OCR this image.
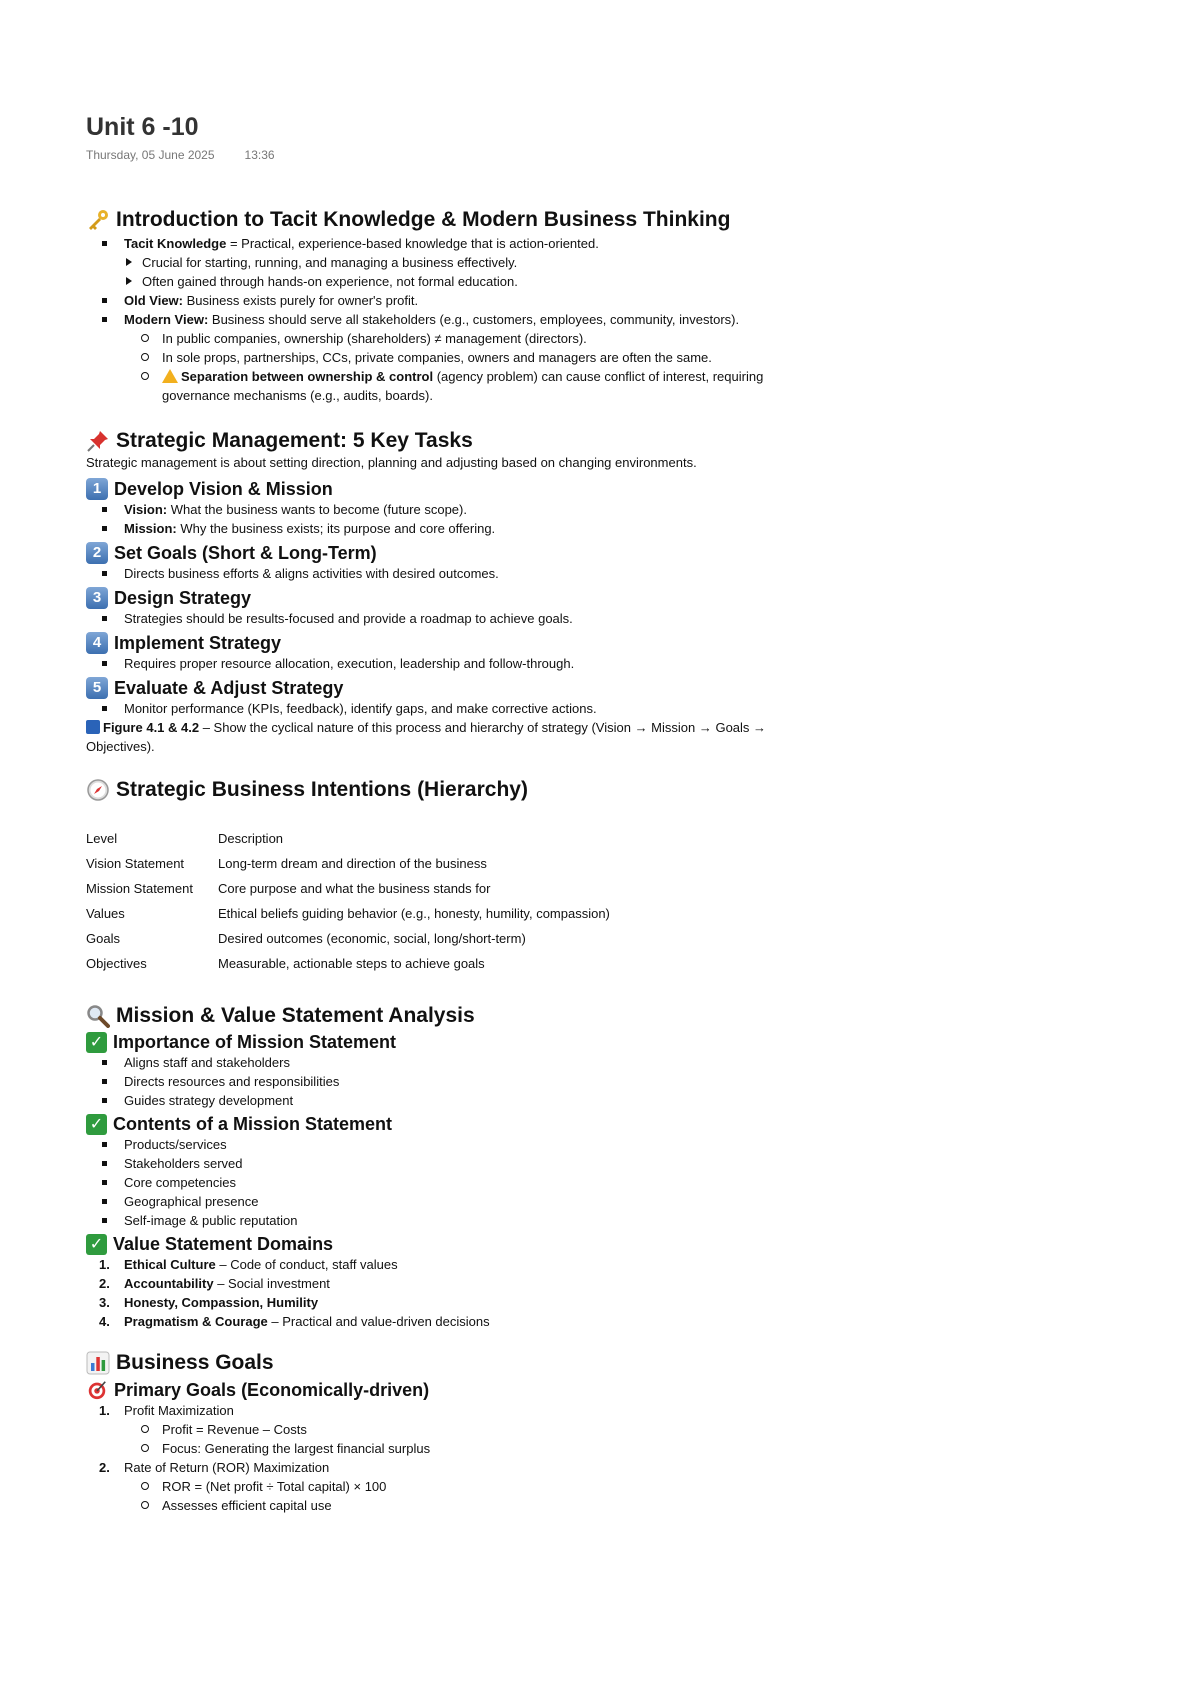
Unit 6 -10
Thursday, 05 June 2025	13:36
Introduction to Tacit Knowledge & Modern Business Thinking
Tacit Knowledge = Practical, experience-based knowledge that is action-oriented.
Crucial for starting, running, and managing a business effectively.
Often gained through hands-on experience, not formal education.
Old View: Business exists purely for owner's profit.
Modern View: Business should serve all stakeholders (e.g., customers, employees, community, investors).
In public companies, ownership (shareholders) ≠ management (directors).
In sole props, partnerships, CCs, private companies, owners and managers are often the same.
Separation between ownership & control (agency problem) can cause conflict of interest, requiring governance mechanisms (e.g., audits, boards).
Strategic Management: 5 Key Tasks
Strategic management is about setting direction, planning and adjusting based on changing environments.
1 Develop Vision & Mission
Vision: What the business wants to become (future scope).
Mission: Why the business exists; its purpose and core offering.
2 Set Goals (Short & Long-Term)
Directs business efforts & aligns activities with desired outcomes.
3 Design Strategy
Strategies should be results-focused and provide a roadmap to achieve goals.
4 Implement Strategy
Requires proper resource allocation, execution, leadership and follow-through.
5 Evaluate & Adjust Strategy
Monitor performance (KPIs, feedback), identify gaps, and make corrective actions.
Figure 4.1 & 4.2 – Show the cyclical nature of this process and hierarchy of strategy (Vision → Mission → Goals → Objectives).
Strategic Business Intentions (Hierarchy)
Level	Description
Vision Statement	Long-term dream and direction of the business
Mission Statement	Core purpose and what the business stands for
Values	Ethical beliefs guiding behavior (e.g., honesty, humility, compassion)
Goals	Desired outcomes (economic, social, long/short-term)
Objectives	Measurable, actionable steps to achieve goals
Mission & Value Statement Analysis
✓ Importance of Mission Statement
Aligns staff and stakeholders
Directs resources and responsibilities
Guides strategy development
✓ Contents of a Mission Statement
Products/services
Stakeholders served
Core competencies
Geographical presence
Self-image & public reputation
✓ Value Statement Domains
1. Ethical Culture – Code of conduct, staff values
2. Accountability – Social investment
3. Honesty, Compassion, Humility
4. Pragmatism & Courage – Practical and value-driven decisions
Business Goals
Primary Goals (Economically-driven)
1. Profit Maximization
Profit = Revenue – Costs
Focus: Generating the largest financial surplus
2. Rate of Return (ROR) Maximization
ROR = (Net profit ÷ Total capital) × 100
Assesses efficient capital use
